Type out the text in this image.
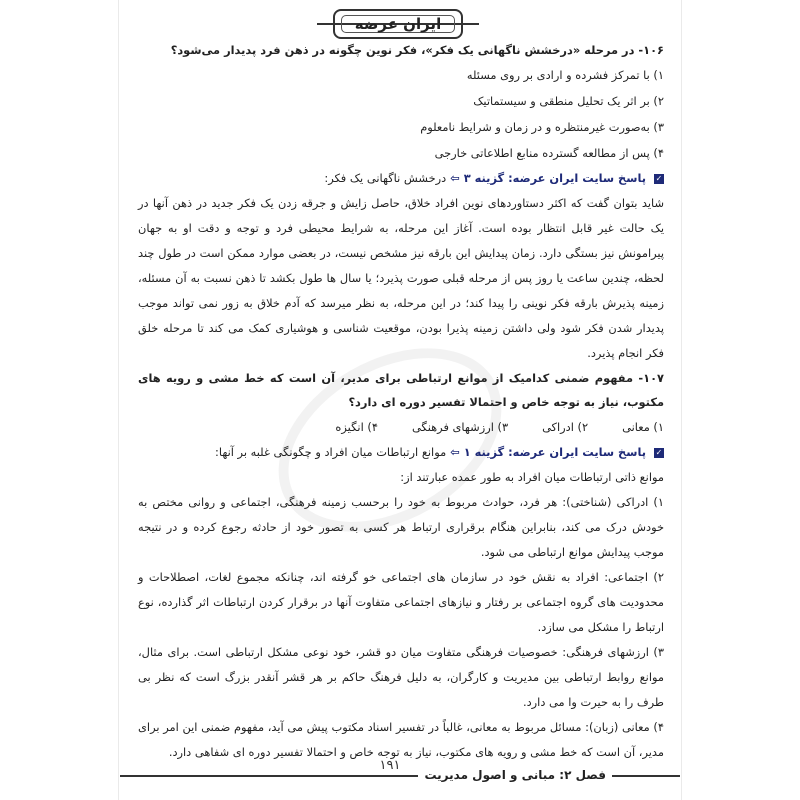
ایران عرضه

۱۰۶- در مرحله «درخشش ناگهانی یک فکر»، فکر نوین چگونه در ذهن فرد پدیدار می‌شود؟

۱) با تمرکز فشرده و ارادی بر روی مسئله

۲) بر اثر یک تحلیل منطقی و سیستماتیک

۳) به‌صورت غیرمنتظره و در زمان و شرایط نامعلوم

۴) پس از مطالعه گسترده منابع اطلاعاتی خارجی

✓ پاسخ سایت ایران عرضه: گزینه ۳ ⇦ درخشش ناگهانی یک فکر:

شاید بتوان گفت که اکثر دستاوردهای نوین افراد خلاق، حاصل زایش و جرقه زدن یک فکر جدید در ذهن آنها در یک حالت غیر قابل انتظار بوده است. آغاز این مرحله، به شرایط محیطی فرد و توجه و دقت او به جهان پیرامونش نیز بستگی دارد. زمان پیدایش این بارقه نیز مشخص نیست، در بعضی موارد ممکن است در طول چند لحظه، چندین ساعت یا روز پس از مرحله قبلی صورت پذیرد؛ یا سال ها طول بکشد تا ذهن نسبت به آن مسئله، زمینه پذیرش بارقه فکر نوینی را پیدا کند؛ در این مرحله، به نظر میرسد که آدم خلاق به زور نمی تواند موجب پدیدار شدن فکر شود ولی داشتن زمینه پذیرا بودن، موقعیت شناسی و هوشیاری کمک می کند تا مرحله خلق فکر انجام پذیرد.

۱۰۷- مفهوم ضمنی کدامیک از موانع ارتباطی برای مدیر، آن است که خط مشی و رویه های مکتوب، نیاز به توجه خاص و احتمالا تفسیر دوره ای دارد؟

۱) معانی
۲) ادراکی
۳) ارزشهای فرهنگی
۴) انگیزه

✓ پاسخ سایت ایران عرضه: گزینه ۱ ⇦ موانع ارتباطات میان افراد و چگونگی غلبه بر آنها:

موانع ذاتی ارتباطات میان افراد به طور عمده عبارتند از:

۱) ادراکی (شناختی): هر فرد، حوادث مربوط به خود را برحسب زمینه فرهنگی، اجتماعی و روانی مختص به خودش درک می کند، بنابراین هنگام برقراری ارتباط هر کسی به تصور خود از حادثه رجوع کرده و در نتیجه موجب پیدایش موانع ارتباطی می شود.

۲) اجتماعی: افراد به نقش خود در سازمان های اجتماعی خو گرفته اند، چنانکه مجموع لغات، اصطلاحات و محدودیت های گروه اجتماعی بر رفتار و نیازهای اجتماعی متفاوت آنها در برقرار کردن ارتباطات اثر گذارده، نوع ارتباط را مشکل می سازد.

۳) ارزشهای فرهنگی: خصوصیات فرهنگی متفاوت میان دو قشر، خود نوعی مشکل ارتباطی است. برای مثال، موانع روابط ارتباطی بین مدیریت و کارگران، به دلیل فرهنگ حاکم بر هر قشر آنقدر بزرگ است که نظر بی طرف را به حیرت وا می دارد.

۴) معانی (زبان): مسائل مربوط به معانی، غالباً در تفسیر اسناد مکتوب پیش می آید، مفهوم ضمنی این امر برای مدیر، آن است که خط مشی و رویه های مکتوب، نیاز به توجه خاص و احتمالا تفسیر دوره ای شفاهی دارد.

۱۹۱
فصل ۲: مبانی و اصول مدیریت
